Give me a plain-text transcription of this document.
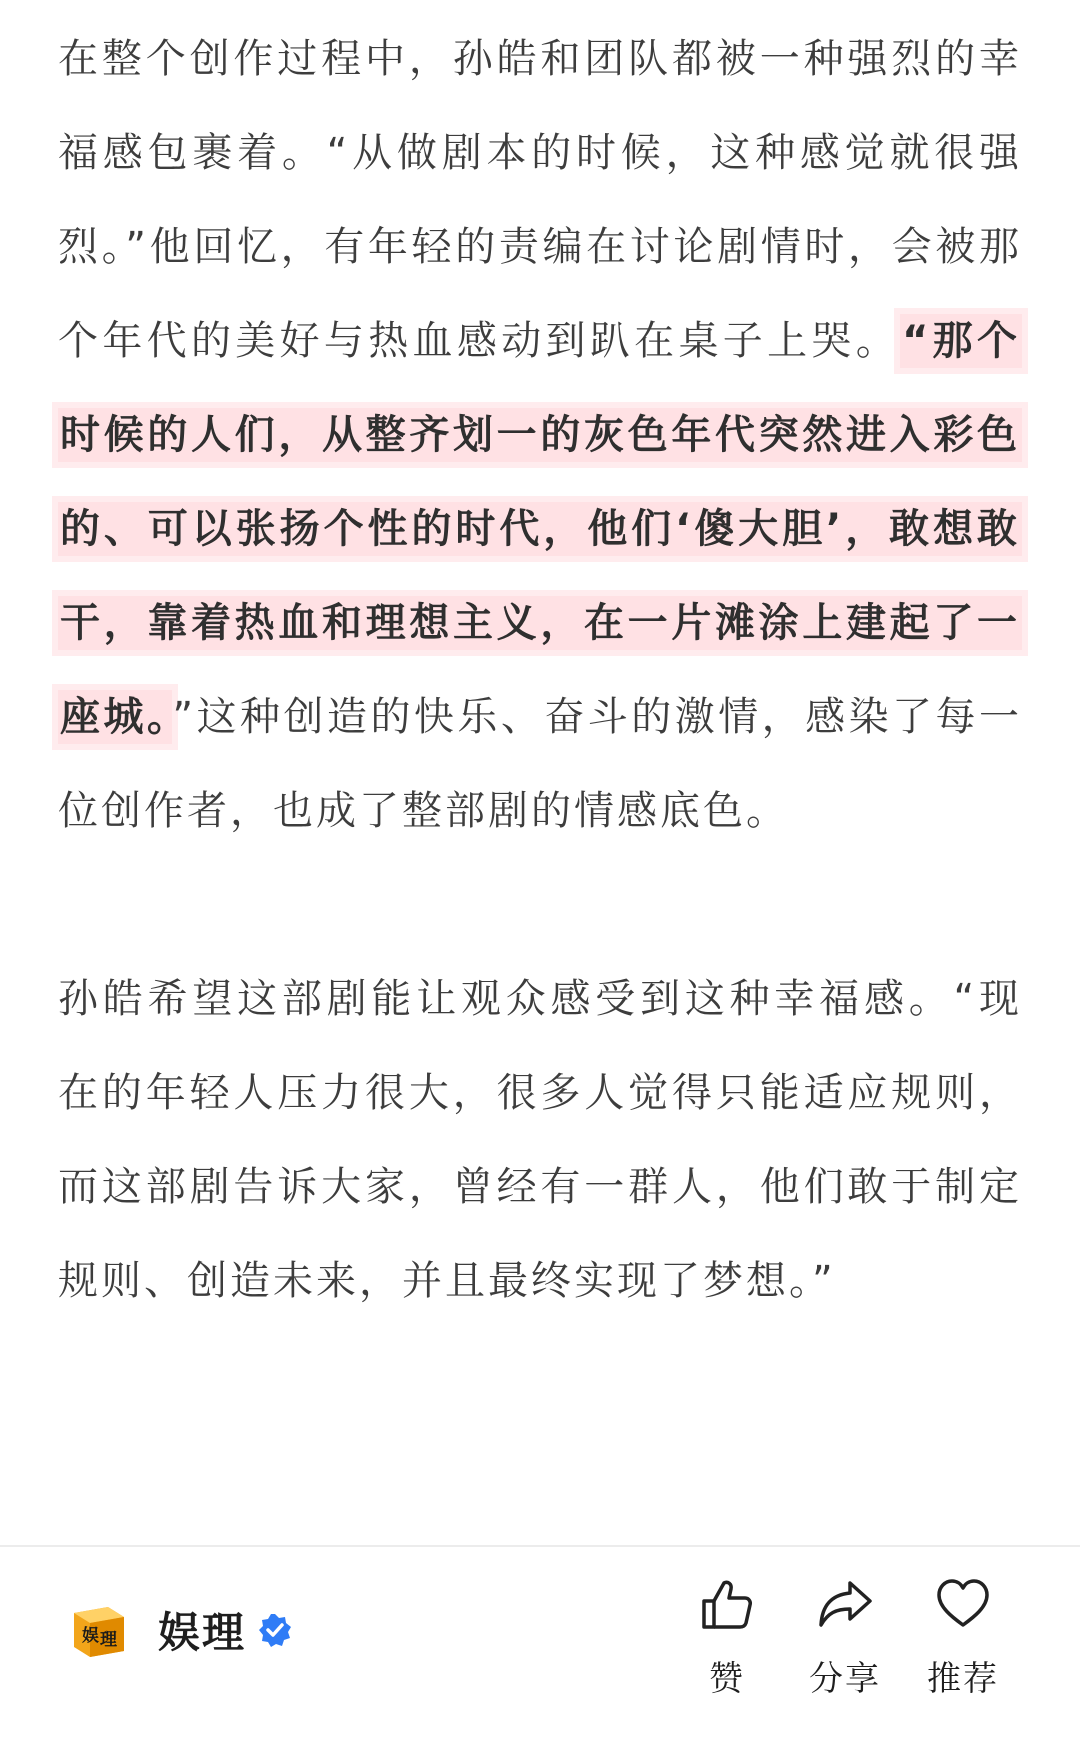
在整个创作过程中，孙皓和团队都被一种强烈的幸福感包裹着。“从做剧本的时候，这种感觉就很强烈。”他回忆，有年轻的责编在讨论剧情时，会被那个年代的美好与热血感动到趴在桌子上哭。“那个时候的人们，从整齐划一的灰色年代突然进入彩色的、可以张扬个性的时代，他们‘傻大胆’，敢想敢干，靠着热血和理想主义，在一片滩涂上建起了一座城。”这种创造的快乐、奋斗的激情，感染了每一位创作者，也成了整部剧的情感底色。

孙皓希望这部剧能让观众感受到这种幸福感。“现在的年轻人压力很大，很多人觉得只能适应规则，而这部剧告诉大家，曾经有一群人，他们敢于制定规则、创造未来，并且最终实现了梦想。”

娱 理 娱理
赞 分享 推荐
